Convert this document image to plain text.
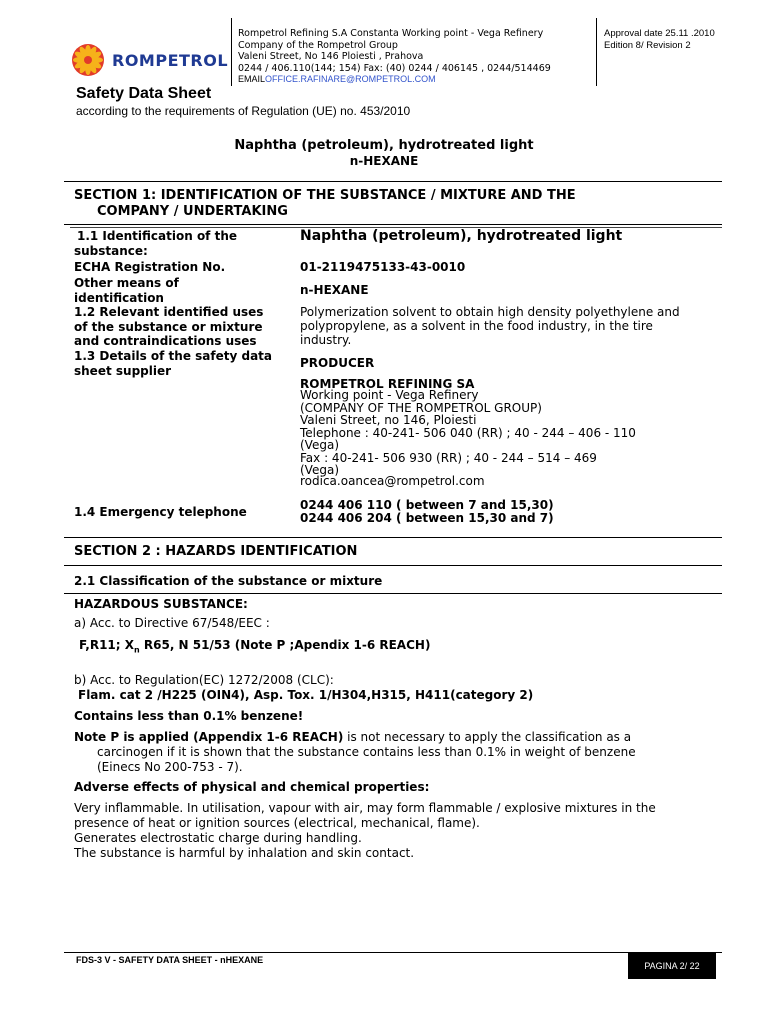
ROMPETROL
Rompetrol Refining S.A Constanta Working point - Vega Refinery
Company of the Rompetrol Group
Valeni Street, No 146 Ploiesti , Prahova
0244 / 406.110(144; 154) Fax: (40) 0244 / 406145 , 0244/514469
EMAILOFFICE.RAFINARE@ROMPETROL.COM
Approval date 25.11 .2010
Edition 8/ Revision 2
Safety Data Sheet
according to the requirements of Regulation (UE) no. 453/2010
Naphtha (petroleum), hydrotreated light
n-HEXANE
SECTION 1: IDENTIFICATION OF THE SUBSTANCE / MIXTURE AND THE
COMPANY / UNDERTAKING
1.1 Identification of the
substance:
ECHA Registration No.
Other means of
identification
1.2 Relevant identified uses
of the substance or mixture
and contraindications uses
1.3 Details of the safety data
sheet supplier
1.4 Emergency telephone
Naphtha (petroleum), hydrotreated light
01-2119475133-43-0010
n-HEXANE
Polymerization solvent to obtain high density polyethylene and
polypropylene, as a solvent in the food industry, in the tire
industry.
PRODUCER
ROMPETROL REFINING SA
Working point - Vega Refinery
(COMPANY OF THE ROMPETROL GROUP)
Valeni Street, no 146, Ploiesti
Telephone : 40-241- 506 040 (RR) ; 40 - 244 – 406 - 110
(Vega)
Fax : 40-241- 506 930 (RR) ; 40 - 244 – 514 – 469
(Vega)
rodica.oancea@rompetrol.com
0244 406 110 ( between 7 and 15,30)
0244 406 204 ( between 15,30 and 7)
SECTION 2 : HAZARDS IDENTIFICATION
2.1 Classification of the substance or mixture
HAZARDOUS SUBSTANCE:
a) Acc. to Directive 67/548/EEC :
F,R11; $X_n$ R65, N 51/53 (Note P ;Apendix 1-6 REACH)
b) Acc. to Regulation(EC) 1272/2008 (CLC):
Flam. cat 2 /H225 (OIN4), Asp. Tox. 1/H304,H315, H411(category 2)
Contains less than 0.1% benzene!
Note P is applied (Appendix 1-6 REACH) is not necessary to apply the classification as a
carcinogen if it is shown that the substance contains less than 0.1% in weight of benzene
(Einecs No 200-753 - 7).
Adverse effects of physical and chemical properties:
Very inflammable. In utilisation, vapour with air, may form flammable / explosive mixtures in the
presence of heat or ignition sources (electrical, mechanical, flame).
Generates electrostatic charge during handling.
The substance is harmful by inhalation and skin contact.
FDS-3 V - SAFETY DATA SHEET - nHEXANE
PAGINA 2/ 22
